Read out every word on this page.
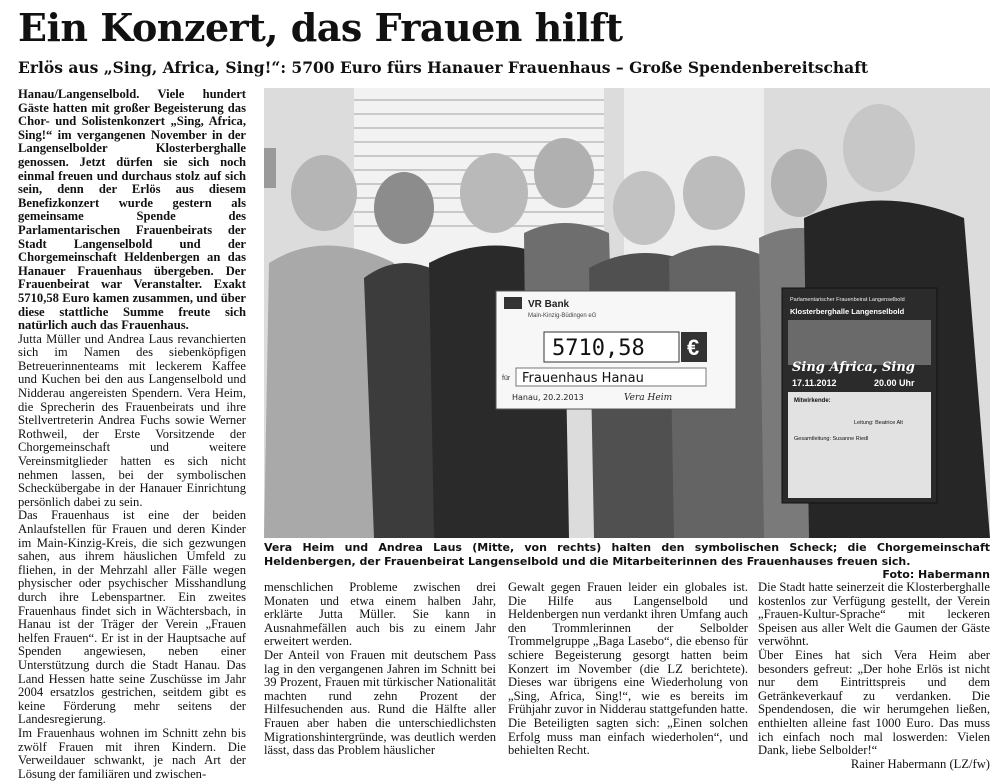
Ein Konzert, das Frauen hilft
Erlös aus „Sing, Africa, Sing!“: 5700 Euro fürs Hanauer Frauenhaus – Große Spendenbereitschaft

Hanau/Langenselbold. Viele hundert Gäste hatten mit großer Begeisterung das Chor- und Solistenkonzert „Sing, Africa, Sing!“ im vergangenen November in der Langenselbolder Klosterberghalle genossen. Jetzt dürfen sie sich noch einmal freuen und durchaus stolz auf sich sein, denn der Erlös aus diesem Benefizkonzert wurde gestern als gemeinsame Spende des Parlamentarischen Frauenbeirats der Stadt Langenselbold und der Chorgemeinschaft Heldenbergen an das Hanauer Frauenhaus übergeben. Der Frauenbeirat war Veranstalter. Exakt 5710,58 Euro kamen zusammen, und über diese stattliche Summe freute sich natürlich auch das Frauenhaus.

Jutta Müller und Andrea Laus revanchierten sich im Namen des siebenköpfigen Betreuerinnenteams mit leckerem Kaffee und Kuchen bei den aus Langenselbold und Nidderau angereisten Spendern. Vera Heim, die Sprecherin des Frauenbeirats und ihre Stellvertreterin Andrea Fuchs sowie Werner Rothweil, der Erste Vorsitzende der Chorgemeinschaft und weitere Vereinsmitglieder hatten es sich nicht nehmen lassen, bei der symbolischen Scheckübergabe in der Hanauer Einrichtung persönlich dabei zu sein.

Das Frauenhaus ist eine der beiden Anlaufstellen für Frauen und deren Kinder im Main-Kinzig-Kreis, die sich gezwungen sahen, aus ihrem häuslichen Umfeld zu fliehen, in der Mehrzahl aller Fälle wegen physischer oder psychischer Misshandlung durch ihre Lebenspartner. Ein zweites Frauenhaus findet sich in Wächtersbach, in Hanau ist der Träger der Verein „Frauen helfen Frauen“. Er ist in der Hauptsache auf Spenden angewiesen, neben einer Unterstützung durch die Stadt Hanau. Das Land Hessen hatte seine Zuschüsse im Jahr 2004 ersatzlos gestrichen, seitdem gibt es keine Förderung mehr seitens der Landesregierung.

Im Frauenhaus wohnen im Schnitt zehn bis zwölf Frauen mit ihren Kindern. Die Verweildauer schwankt, je nach Art der Lösung der familiären und zwischen-

VR Bank
Main-Kinzig-Büdingen eG
5710,58 €
für Frauenhaus Hanau
Hanau, 20.2.2013	Vera Heim
Parlamentarischer Frauenbeirat Langenselbold
Klosterberghalle Langenselbold
Sing Africa, Sing
17.11.2012	20.00 Uhr
Mitwirkende:
Leitung: Beatrice Alt
Gesamtleitung: Susanne Riedl

Vera Heim und Andrea Laus (Mitte, von rechts) halten den symbolischen Scheck; die Chorgemeinschaft Heldenbergen, der Frauenbeirat Langenselbold und die Mitarbeiterinnen des Frauenhauses freuen sich.
Foto: Habermann

menschlichen Probleme zwischen drei Monaten und etwa einem halben Jahr, erklärte Jutta Müller. Sie kann in Ausnahmefällen auch bis zu einem Jahr erweitert werden.

Der Anteil von Frauen mit deutschem Pass lag in den vergangenen Jahren im Schnitt bei 39 Prozent, Frauen mit türkischer Nationalität machten rund zehn Prozent der Hilfesuchenden aus. Rund die Hälfte aller Frauen aber haben die unterschiedlichsten Migrationshintergründe, was deutlich werden lässt, dass das Problem häuslicher

Gewalt gegen Frauen leider ein globales ist. Die Hilfe aus Langenselbold und Heldenbergen nun verdankt ihren Umfang auch den Trommlerinnen der Selbolder Trommelgruppe „Baga Lasebo“, die ebenso für schiere Begeisterung gesorgt hatten beim Konzert im November (die LZ berichtete). Dieses war übrigens eine Wiederholung von „Sing, Africa, Sing!“, wie es bereits im Frühjahr zuvor in Nidderau stattgefunden hatte. Die Beteiligten sagten sich: „Einen solchen Erfolg muss man einfach wiederholen“, und behielten Recht.

Die Stadt hatte seinerzeit die Klosterberghalle kostenlos zur Verfügung gestellt, der Verein „Frauen-Kultur-Sprache“ mit leckeren Speisen aus aller Welt die Gaumen der Gäste verwöhnt.

Über Eines hat sich Vera Heim aber besonders gefreut: „Der hohe Erlös ist nicht nur dem Eintrittspreis und dem Getränkeverkauf zu verdanken. Die Spendendosen, die wir herumgehen ließen, enthielten alleine fast 1000 Euro. Das muss ich einfach noch mal loswerden: Vielen Dank, liebe Selbolder!“
Rainer Habermann (LZ/fw)
